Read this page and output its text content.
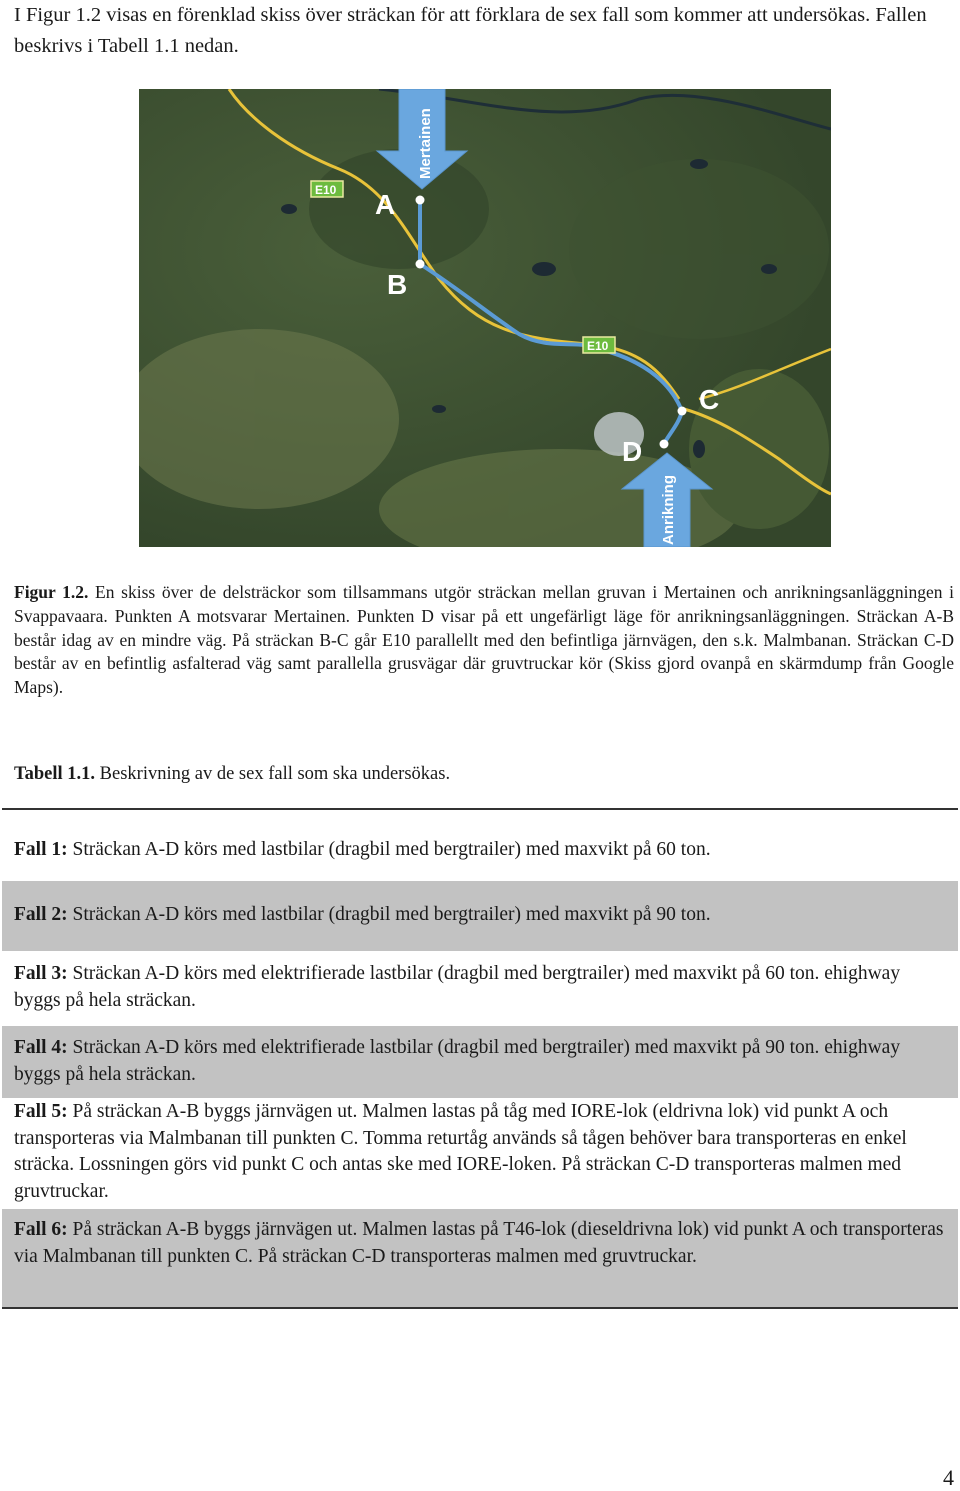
I Figur 1.2 visas en förenklad skiss över sträckan för att förklara de sex fall som kommer att undersökas. Fallen beskrivs i Tabell 1.1 nedan.
A
B
C
D
Mertainen
Anrikning
E10
E10
Figur 1.2. En skiss över de delsträckor som tillsammans utgör sträckan mellan gruvan i Mertainen och anrikningsanläggningen i Svappavaara. Punkten A motsvarar Mertainen. Punkten D visar på ett ungefärligt läge för anrikningsanläggningen. Sträckan A-B består idag av en mindre väg. På sträckan B-C går E10 parallellt med den befintliga järnvägen, den s.k. Malmbanan. Sträckan C-D består av en befintlig asfalterad väg samt parallella grusvägar där gruvtruckar kör (Skiss gjord ovanpå en skärmdump från Google Maps).
Tabell 1.1. Beskrivning av de sex fall som ska undersökas.
Fall 1: Sträckan A-D körs med lastbilar (dragbil med bergtrailer) med maxvikt på 60 ton.
Fall 2: Sträckan A-D körs med lastbilar (dragbil med bergtrailer) med maxvikt på 90 ton.
Fall 3: Sträckan A-D körs med elektrifierade lastbilar (dragbil med bergtrailer) med maxvikt på 60 ton. ehighway byggs på hela sträckan.
Fall 4: Sträckan A-D körs med elektrifierade lastbilar (dragbil med bergtrailer) med maxvikt på 90 ton. ehighway byggs på hela sträckan.
Fall 5: På sträckan A-B byggs järnvägen ut. Malmen lastas på tåg med IORE-lok (eldrivna lok) vid punkt A och transporteras via Malmbanan till punkten C. Tomma returtåg används så tågen behöver bara transporteras en enkel sträcka. Lossningen görs vid punkt C och antas ske med IORE-loken. På sträckan C-D transporteras malmen med gruvtruckar.
Fall 6: På sträckan A-B byggs järnvägen ut. Malmen lastas på T46-lok (dieseldrivna lok) vid punkt A och transporteras via Malmbanan till punkten C. På sträckan C-D transporteras malmen med gruvtruckar.
4
